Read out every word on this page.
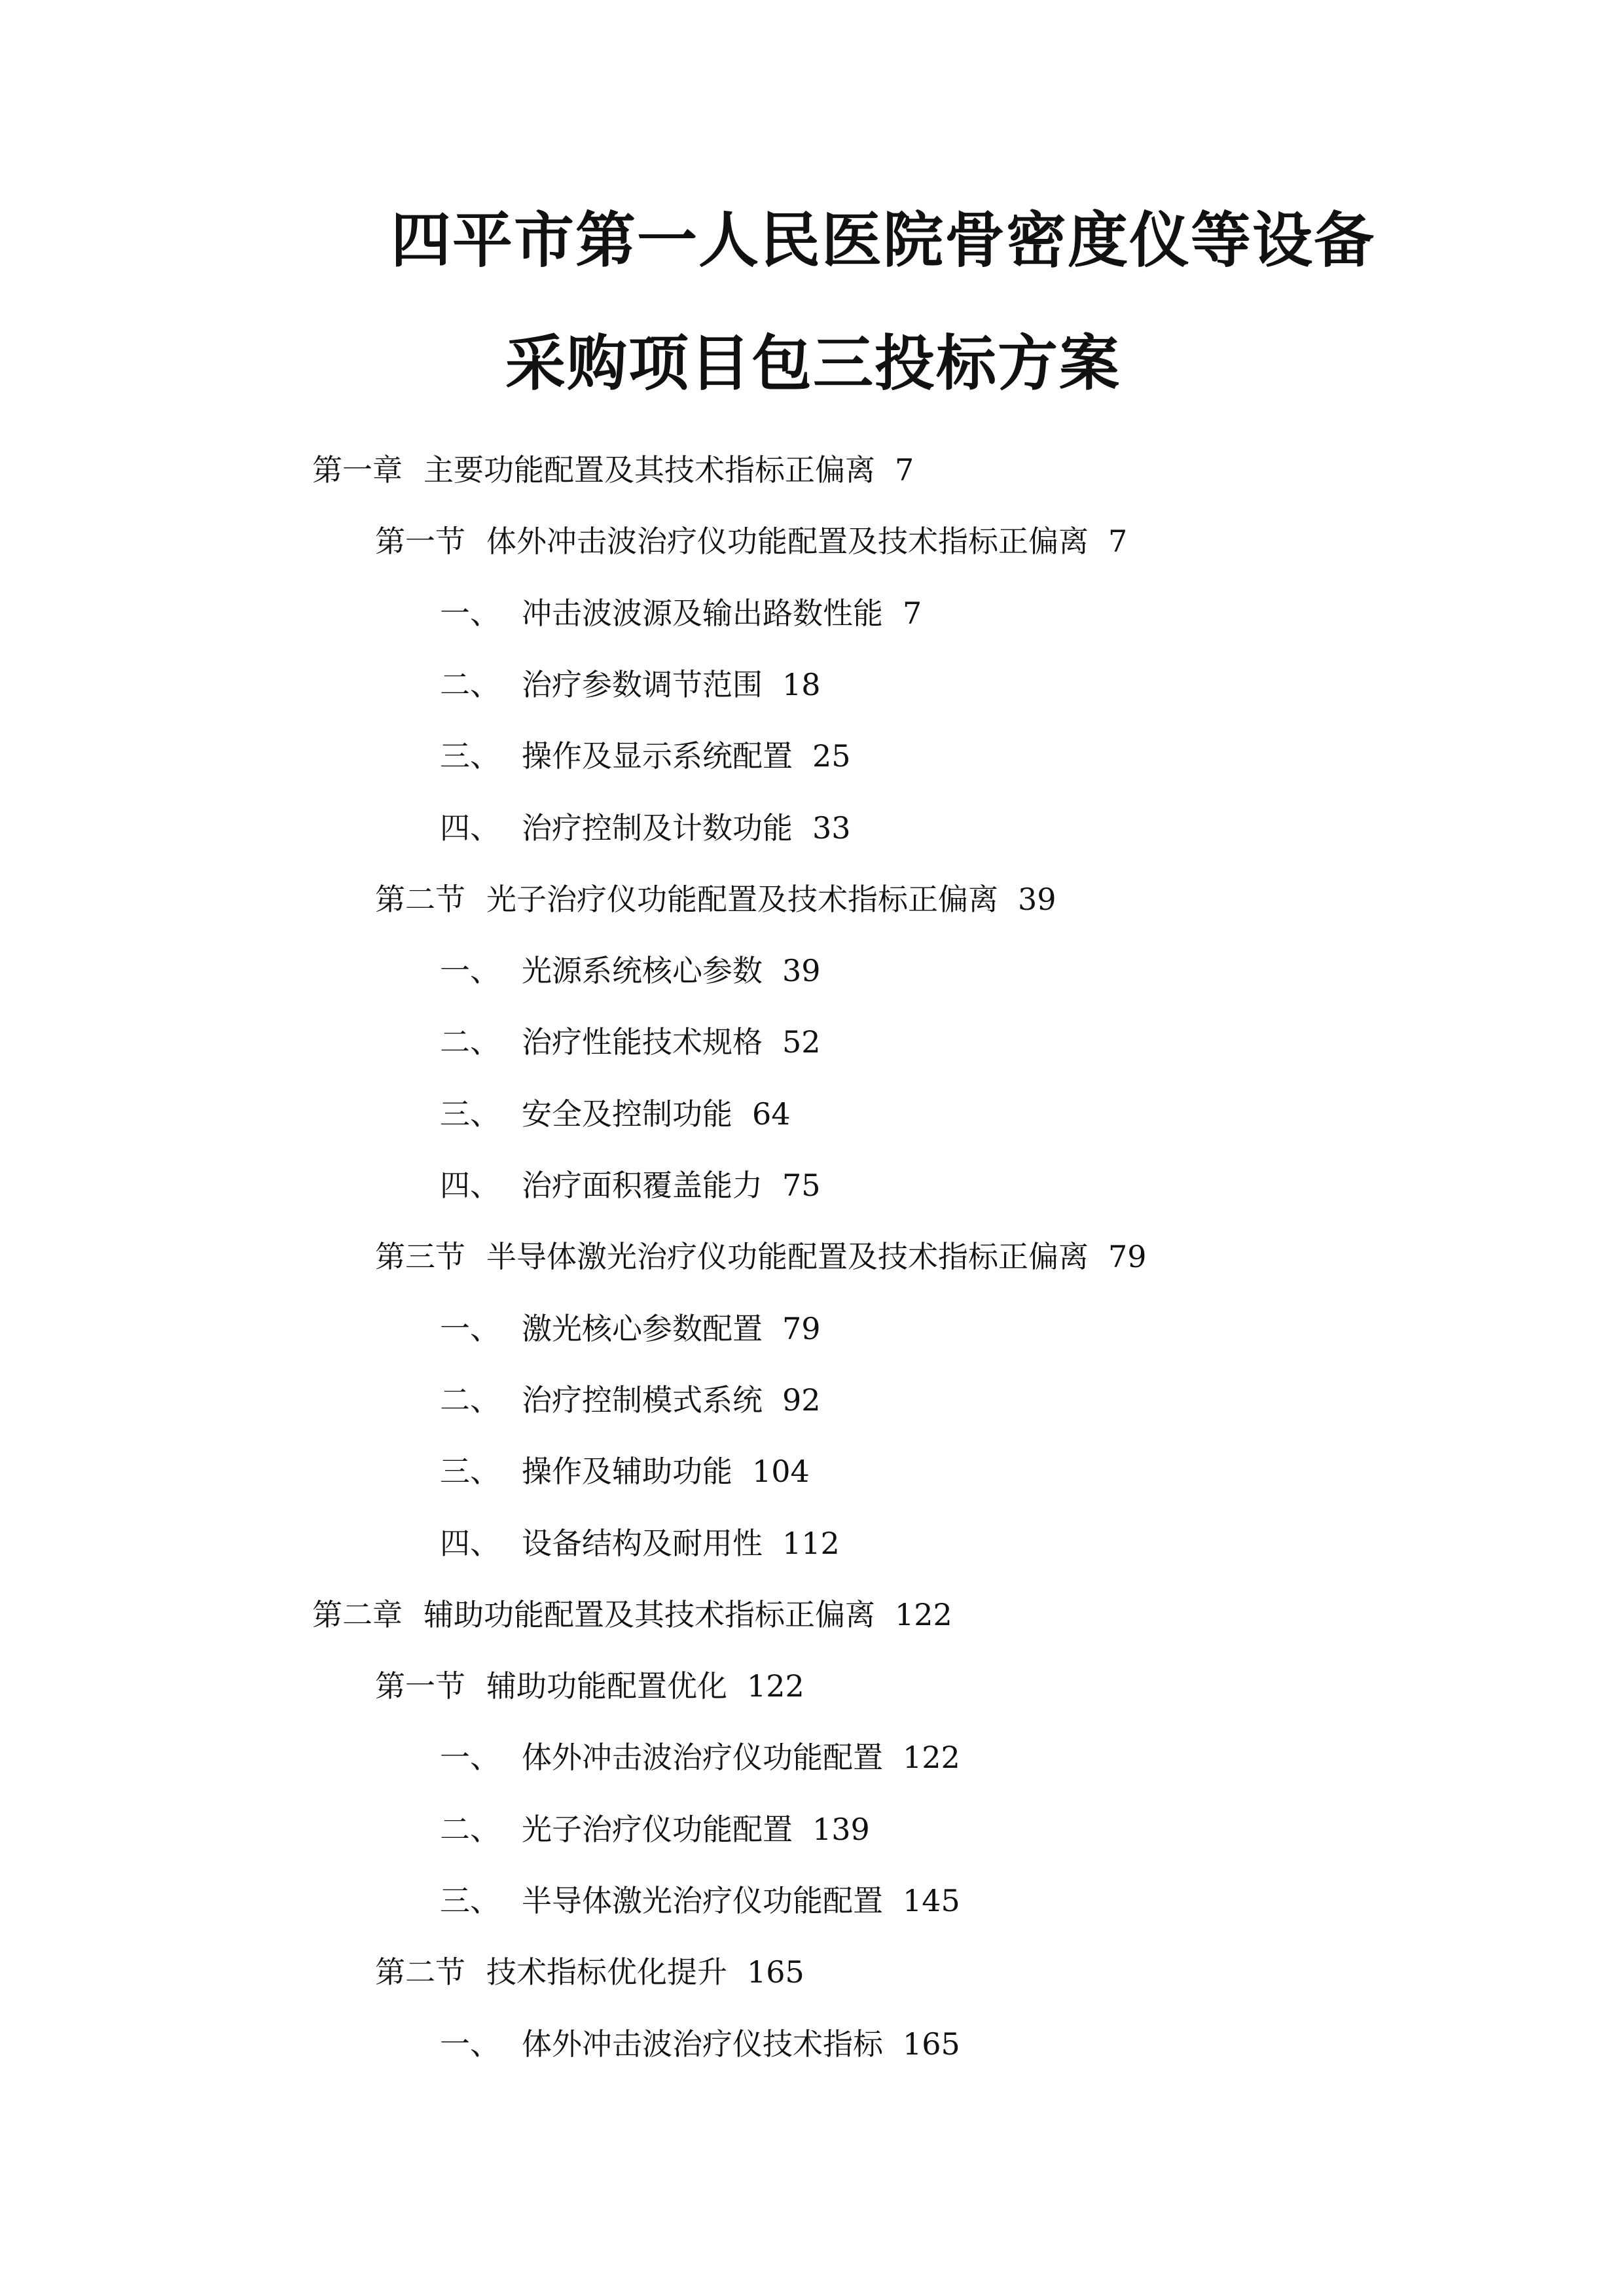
四平市第一人民医院骨密度仪等设备
采购项目包三投标方案
第一章 主要功能配置及其技术指标正偏离 7
第一节 体外冲击波治疗仪功能配置及技术指标正偏离 7
一、 冲击波波源及输出路数性能 7
二、 治疗参数调节范围 18
三、 操作及显示系统配置 25
四、 治疗控制及计数功能 33
第二节 光子治疗仪功能配置及技术指标正偏离 39
一、 光源系统核心参数 39
二、 治疗性能技术规格 52
三、 安全及控制功能 64
四、 治疗面积覆盖能力 75
第三节 半导体激光治疗仪功能配置及技术指标正偏离 79
一、 激光核心参数配置 79
二、 治疗控制模式系统 92
三、 操作及辅助功能 104
四、 设备结构及耐用性 112
第二章 辅助功能配置及其技术指标正偏离 122
第一节 辅助功能配置优化 122
一、 体外冲击波治疗仪功能配置 122
二、 光子治疗仪功能配置 139
三、 半导体激光治疗仪功能配置 145
第二节 技术指标优化提升 165
一、 体外冲击波治疗仪技术指标 165
